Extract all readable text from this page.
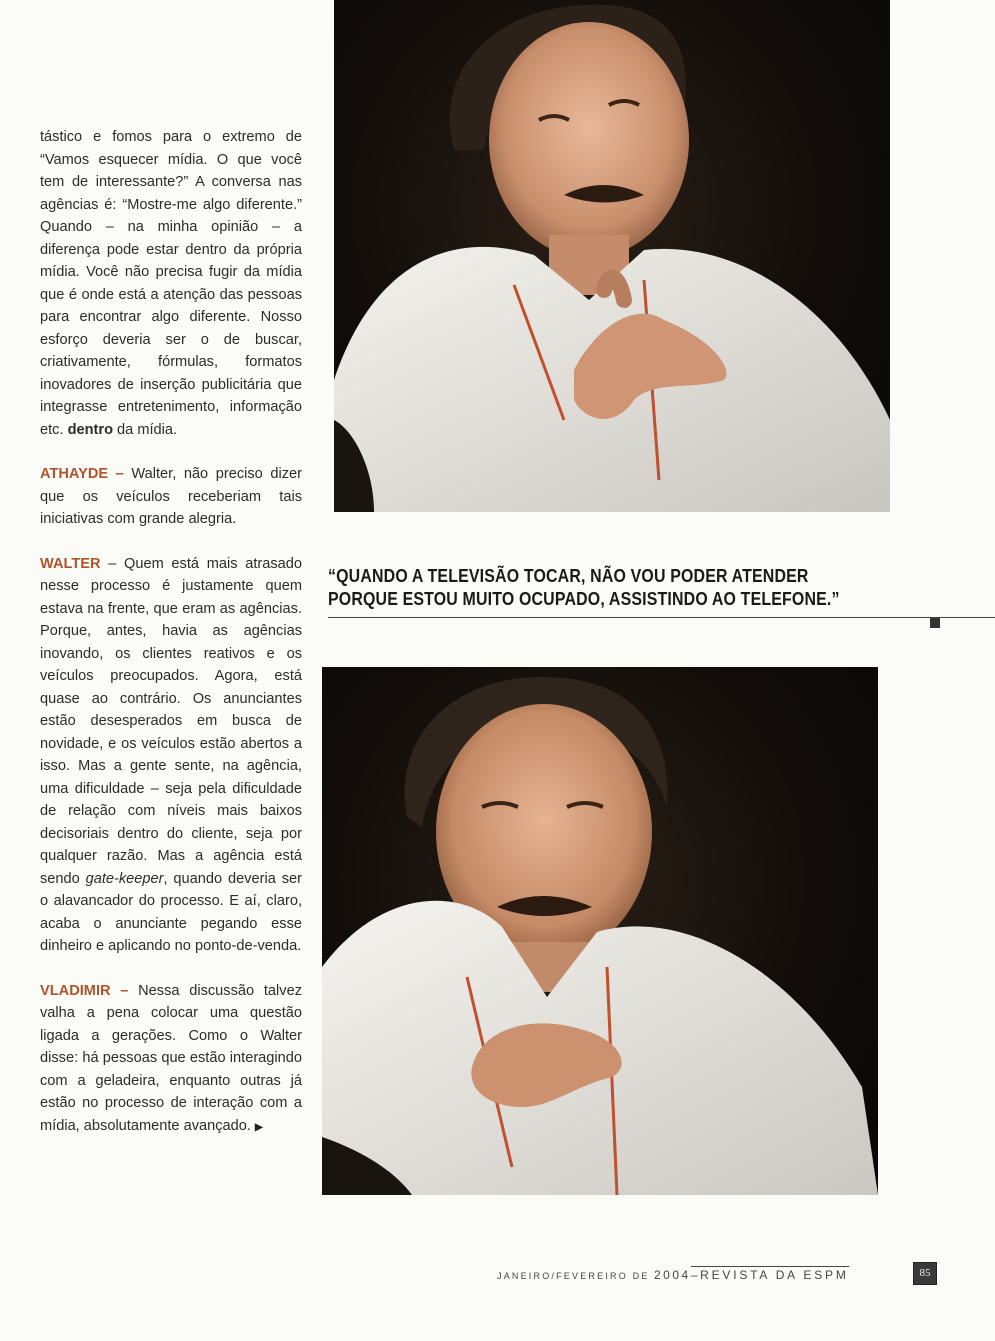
tástico e fomos para o extremo de “Vamos esquecer mídia. O que você tem de interessante?” A conversa nas agências é: “Mostre-me algo diferente.” Quando – na minha opinião – a diferença pode estar dentro da própria mídia. Você não precisa fugir da mídia que é onde está a atenção das pessoas para encontrar algo diferente. Nosso esforço deveria ser o de buscar, criativamente, fórmulas, formatos inovadores de inserção publicitária que integrasse entretenimento, informação etc. dentro da mídia.

ATHAYDE – Walter, não preciso dizer que os veículos receberiam tais iniciativas com grande alegria.

WALTER – Quem está mais atrasado nesse processo é justamente quem estava na frente, que eram as agências. Porque, antes, havia as agências inovando, os clientes reativos e os veículos preocupados. Agora, está quase ao contrário. Os anunciantes estão desesperados em busca de novidade, e os veículos estão abertos a isso. Mas a gente sente, na agência, uma dificuldade – seja pela dificuldade de relação com níveis mais baixos decisoriais dentro do cliente, seja por qualquer razão. Mas a agência está sendo gate-keeper, quando deveria ser o alavancador do processo. E aí, claro, acaba o anunciante pegando esse dinheiro e aplicando no ponto-de-venda.

VLADIMIR – Nessa discussão talvez valha a pena colocar uma questão ligada a gerações. Como o Walter disse: há pessoas que estão interagindo com a geladeira, enquanto outras já estão no processo de interação com a mídia, absolutamente avançado. ▶

“QUANDO A TELEVISÃO TOCAR, NÃO VOU PODER ATENDER
PORQUE ESTOU MUITO OCUPADO, ASSISTINDO AO TELEFONE.”
JANEIRO/FEVEREIRO DE 2004–REVISTA DA ESPM	85
